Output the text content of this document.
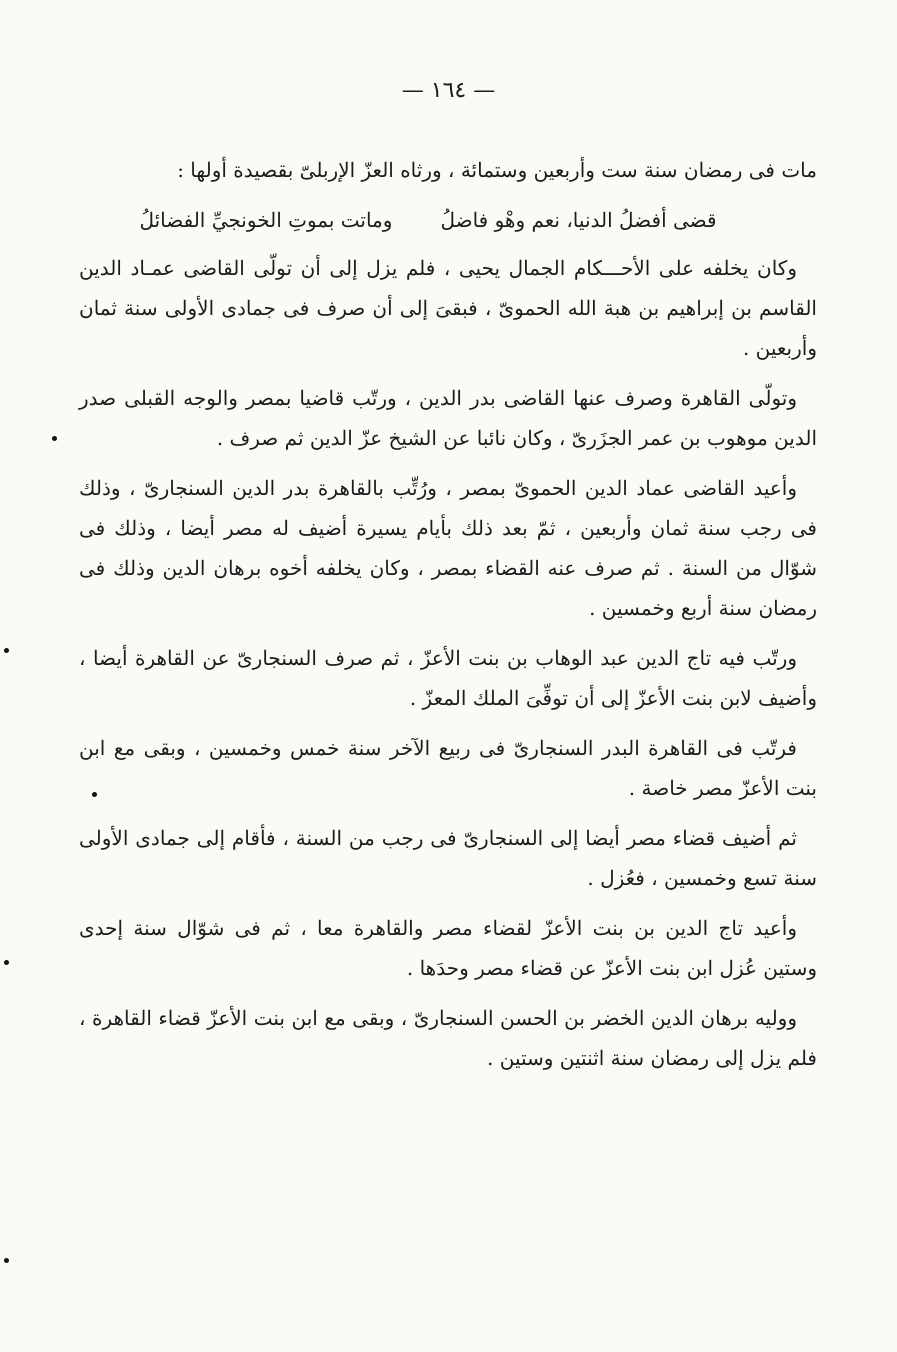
— ١٦٤ —

مات فى رمضان سنة ست وأربعين وستمائة ، ورثاه العزّ الإربلىّ بقصيدة أولها :

قضى أفضلُ الدنيا، نعم وهْو فاضلُ
وماتت بموتِ الخونجيِّ الفضائلُ

وكان يخلفه على الأحـــكام الجمال يحيى ، فلم يزل إلى أن تولّى القاضى عمـاد الدين القاسم بن إبراهيم بن هبة الله الحموىّ ، فبقىَ إلى أن صرف فى جمادى الأولى سنة ثمان وأربعين .

وتولّى القاهرة وصرف عنها القاضى بدر الدين ، ورتّب قاضيا بمصر والوجه القبلى صدر الدين موهوب بن عمر الجزَرىّ ، وكان نائبا عن الشيخ عزّ الدين ثم صرف .

وأعيد القاضى عماد الدين الحموىّ بمصر ، ورُتِّب بالقاهرة بدر الدين السنجارىّ ، وذلك فى رجب سنة ثمان وأربعين ، ثمّ بعد ذلك بأيام يسيرة أضيف له مصر أيضا ، وذلك فى شوّال من السنة . ثم صرف عنه القضاء بمصر ، وكان يخلفه أخوه برهان الدين وذلك فى رمضان سنة أربع وخمسين .

ورتّب فيه تاج الدين عبد الوهاب بن بنت الأعزّ ، ثم صرف السنجارىّ عن القاهرة أيضا ، وأضيف لابن بنت الأعزّ إلى أن توفِّىَ الملك المعزّ .

فرتّب فى القاهرة البدر السنجارىّ فى ربيع الآخر سنة خمس وخمسين ، وبقى مع ابن بنت الأعزّ مصر خاصة .

ثم أضيف قضاء مصر أيضا إلى السنجارىّ فى رجب من السنة ، فأقام إلى جمادى الأولى سنة تسع وخمسين ، فعُزل .

وأعيد تاج الدين بن بنت الأعزّ لقضاء مصر والقاهرة معا ، ثم فى شوّال سنة إحدى وستين عُزل ابن بنت الأعزّ عن قضاء مصر وحدَها .

ووليه برهان الدين الخضر بن الحسن السنجارىّ ، وبقى مع ابن بنت الأعزّ قضاء القاهرة ، فلم يزل إلى رمضان سنة اثنتين وستين .
